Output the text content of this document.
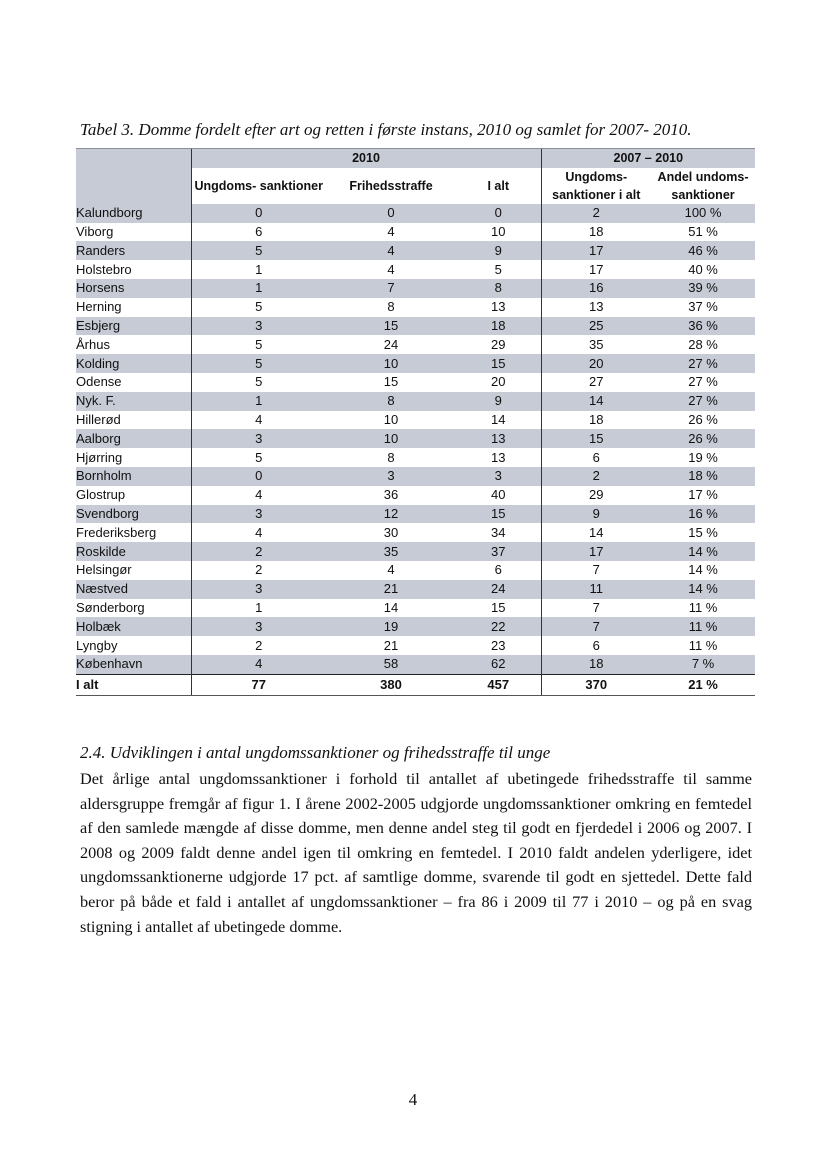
Tabel 3. Domme fordelt efter art og retten i første instans, 2010 og samlet for 2007- 2010.
	2010			2007 – 2010	
	Ungdoms- sanktioner	Frihedsstraffe	I alt	Ungdoms- sanktioner i alt	Andel undoms- sanktioner
Kalundborg	0	0	0	2	100 %
Viborg	6	4	10	18	51 %
Randers	5	4	9	17	46 %
Holstebro	1	4	5	17	40 %
Horsens	1	7	8	16	39 %
Herning	5	8	13	13	37 %
Esbjerg	3	15	18	25	36 %
Århus	5	24	29	35	28 %
Kolding	5	10	15	20	27 %
Odense	5	15	20	27	27 %
Nyk. F.	1	8	9	14	27 %
Hillerød	4	10	14	18	26 %
Aalborg	3	10	13	15	26 %
Hjørring	5	8	13	6	19 %
Bornholm	0	3	3	2	18 %
Glostrup	4	36	40	29	17 %
Svendborg	3	12	15	9	16 %
Frederiksberg	4	30	34	14	15 %
Roskilde	2	35	37	17	14 %
Helsingør	2	4	6	7	14 %
Næstved	3	21	24	11	14 %
Sønderborg	1	14	15	7	11 %
Holbæk	3	19	22	7	11 %
Lyngby	2	21	23	6	11 %
København	4	58	62	18	7 %
I alt	77	380	457	370	21 %
2.4. Udviklingen i antal ungdomssanktioner og frihedsstraffe til unge
Det årlige antal ungdomssanktioner i forhold til antallet af ubetingede frihedsstraffe til samme aldersgruppe fremgår af figur 1. I årene 2002-2005 udgjorde ungdomssanktioner omkring en femtedel af den samlede mængde af disse domme, men denne andel steg til godt en fjerdedel i 2006 og 2007. I 2008 og 2009 faldt denne andel igen til omkring en femtedel. I 2010 faldt andelen yderligere, idet ungdomssanktionerne udgjorde 17 pct. af samtlige domme, svarende til godt en sjettedel. Dette fald beror på både et fald i antallet af ungdomssanktioner – fra 86 i 2009 til 77 i 2010 – og på en svag stigning i antallet af ubetingede domme.
4
